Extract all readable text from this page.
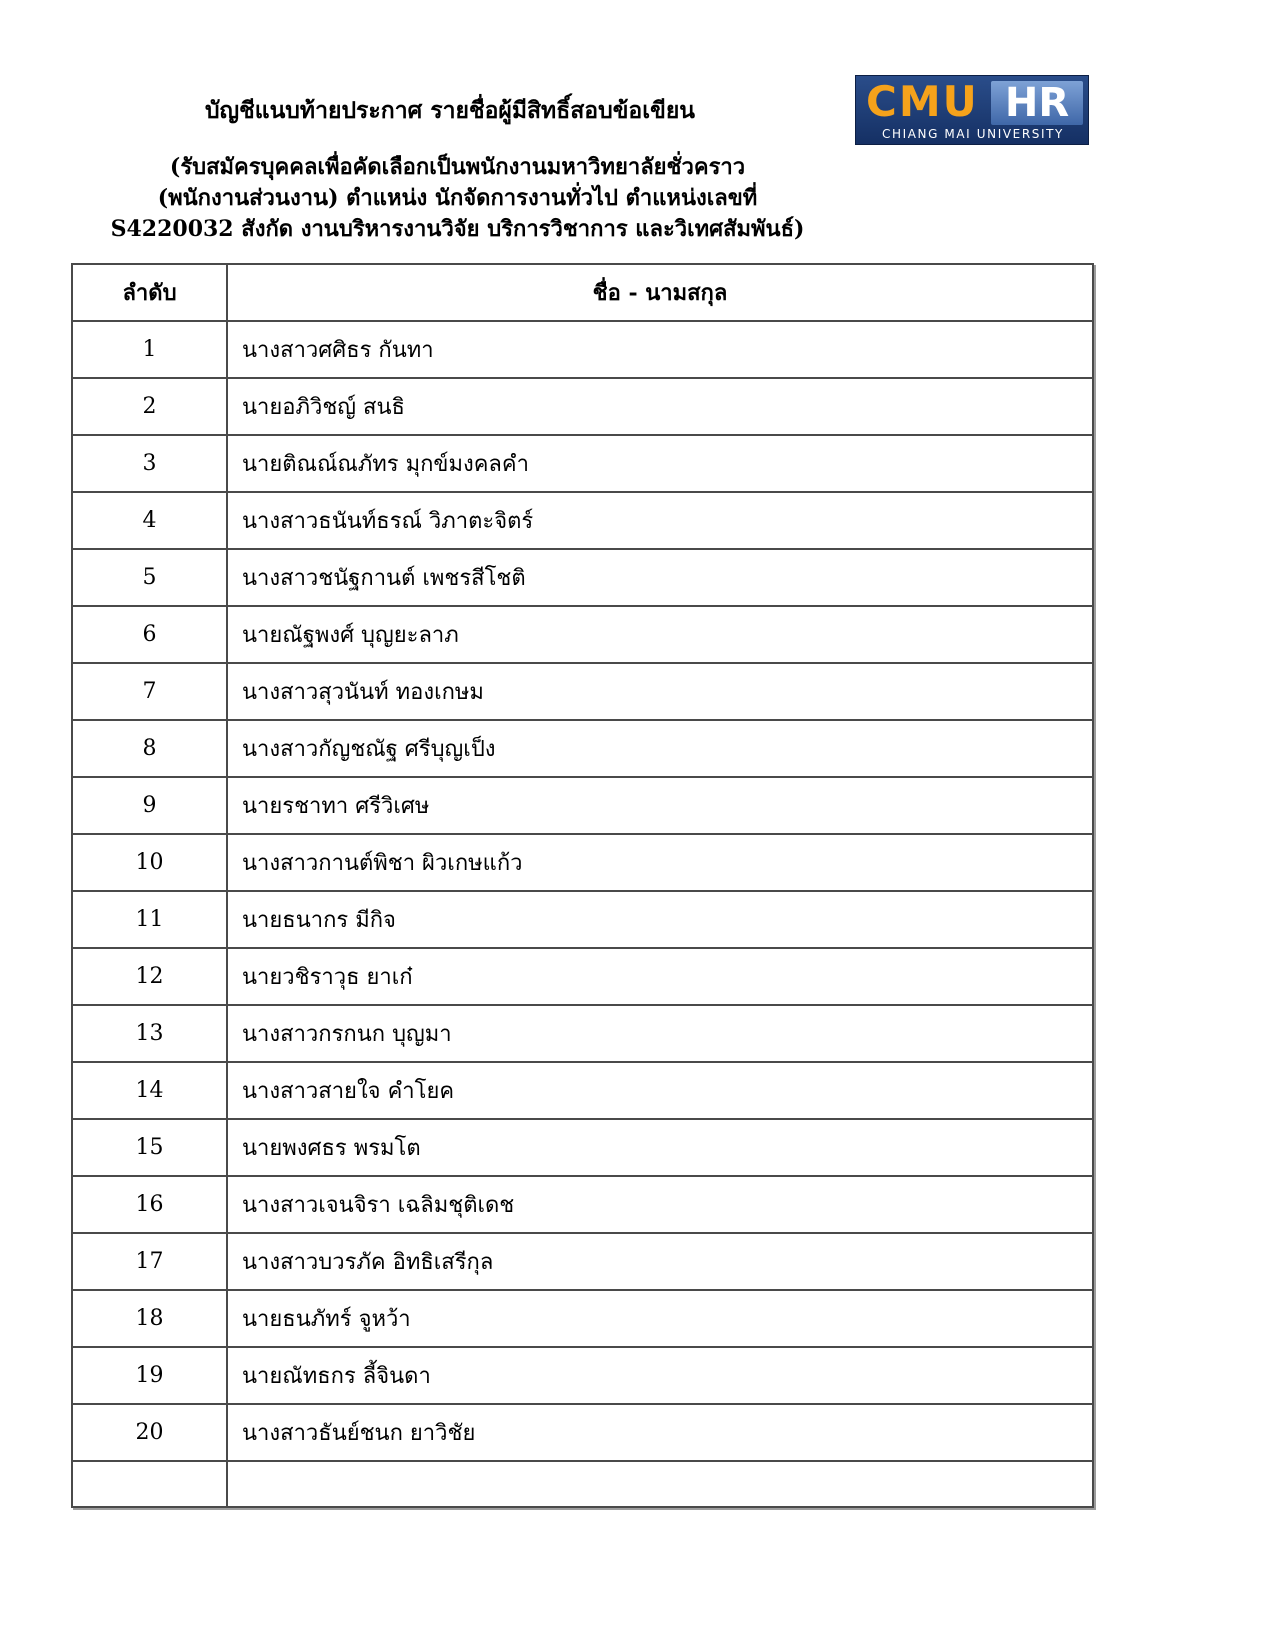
บัญชีแนบท้ายประกาศ รายชื่อผู้มีสิทธิ์สอบข้อเขียน
(รับสมัครบุคคลเพื่อคัดเลือกเป็นพนักงานมหาวิทยาลัยชั่วคราว
(พนักงานส่วนงาน) ตำแหน่ง นักจัดการงานทั่วไป ตำแหน่งเลขที่
S4220032 สังกัด งานบริหารงานวิจัย บริการวิชาการ และวิเทศสัมพันธ์)
CMU HR
CHIANG MAI UNIVERSITY
ลำดับ	ชื่อ - นามสกุล
1	นางสาวศศิธร กันทา
2	นายอภิวิชญ์ สนธิ
3	นายติณณ์ณภัทร มุกข์มงคลคำ
4	นางสาวธนันท์ธรณ์ วิภาตะจิตร์
5	นางสาวชนัฐกานต์ เพชรสีโชติ
6	นายณัฐพงศ์ บุญยะลาภ
7	นางสาวสุวนันท์ ทองเกษม
8	นางสาวกัญชณัฐ ศรีบุญเป็ง
9	นายรชาทา ศรีวิเศษ
10	นางสาวกานต์พิชา ผิวเกษแก้ว
11	นายธนากร มีกิจ
12	นายวชิราวุธ ยาเก๋
13	นางสาวกรกนก บุญมา
14	นางสาวสายใจ คำโยค
15	นายพงศธร พรมโต
16	นางสาวเจนจิรา เฉลิมชุติเดช
17	นางสาวบวรภัค อิทธิเสรีกุล
18	นายธนภัทร์ จูหว้า
19	นายณัทธกร ลี้จินดา
20	นางสาวธันย์ชนก ยาวิชัย
